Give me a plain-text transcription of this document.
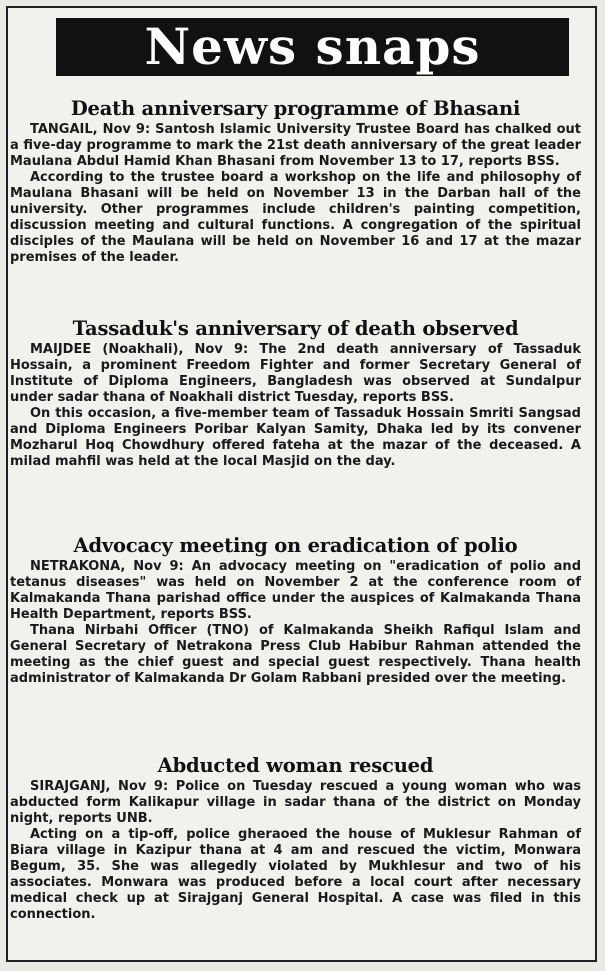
News snaps
Death anniversary programme of Bhasani

TANGAIL, Nov 9: Santosh Islamic University Trustee Board has chalked out a five-day programme to mark the 21st death anniversary of the great leader Maulana Abdul Hamid Khan Bhasani from November 13 to 17, reports BSS.

According to the trustee board a workshop on the life and philosophy of Maulana Bhasani will be held on November 13 in the Darban hall of the university. Other programmes include children's painting competition, discussion meeting and cultural functions. A congregation of the spiritual disciples of the Maulana will be held on November 16 and 17 at the mazar premises of the leader.

Tassaduk's anniversary of death observed

MAIJDEE (Noakhali), Nov 9: The 2nd death anniversary of Tassaduk Hossain, a prominent Freedom Fighter and former Secretary General of Institute of Diploma Engineers, Bangladesh was observed at Sundalpur under sadar thana of Noakhali district Tuesday, reports BSS.

On this occasion, a five-member team of Tassaduk Hossain Smriti Sangsad and Diploma Engineers Poribar Kalyan Samity, Dhaka led by its convener Mozharul Hoq Chowdhury offered fateha at the mazar of the deceased. A milad mahfil was held at the local Masjid on the day.

Advocacy meeting on eradication of polio

NETRAKONA, Nov 9: An advocacy meeting on "eradication of polio and tetanus diseases" was held on November 2 at the conference room of Kalmakanda Thana parishad office under the auspices of Kalmakanda Thana Health Department, reports BSS.

Thana Nirbahi Officer (TNO) of Kalmakanda Sheikh Rafiqul Islam and General Secretary of Netrakona Press Club Habibur Rahman attended the meeting as the chief guest and special guest respectively. Thana health administrator of Kalmakanda Dr Golam Rabbani presided over the meeting.

Abducted woman rescued

SIRAJGANJ, Nov 9: Police on Tuesday rescued a young woman who was abducted form Kalikapur village in sadar thana of the district on Monday night, reports UNB.

Acting on a tip-off, police gheraoed the house of Muklesur Rahman of Biara village in Kazipur thana at 4 am and rescued the victim, Monwara Begum, 35. She was allegedly violated by Mukhlesur and two of his associates. Monwara was produced before a local court after necessary medical check up at Sirajganj General Hospital. A case was filed in this connection.
